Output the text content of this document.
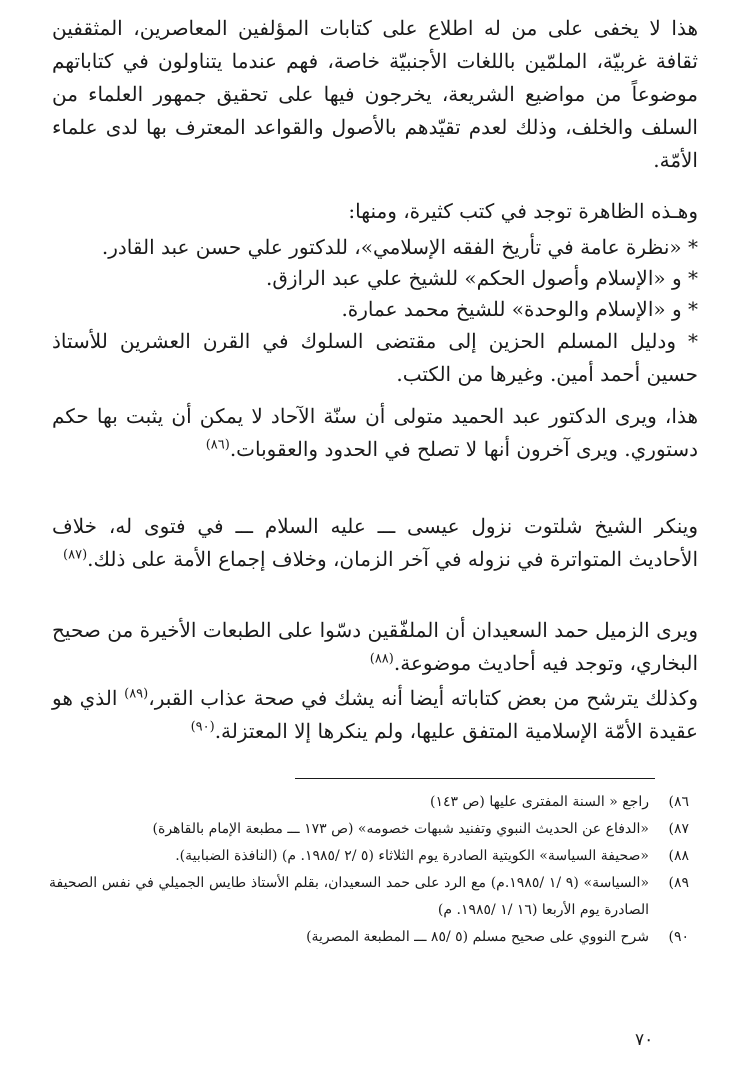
هذا لا يخفى على من له اطلاع على كتابات المؤلفين المعاصرين، المثقفين ثقافة غربيّة، الملمّين باللغات الأجنبيّة خاصة، فهم عندما يتناولون في كتاباتهم موضوعاً من مواضيع الشريعة، يخرجون فيها على تحقيق جمهور العلماء من السلف والخلف، وذلك لعدم تقيّدهم بالأصول والقواعد المعترف بها لدى علماء الأمّة.

وهـذه الظاهرة توجد في كتب كثيرة، ومنها:

* «نظرة عامة في تأريخ الفقه الإسلامي»، للدكتور علي حسن عبد القادر.

* و «الإسلام وأصول الحكم» للشيخ علي عبد الرازق.

* و «الإسلام والوحدة» للشيخ محمد عمارة.

* ودليل المسلم الحزين إلى مقتضى السلوك في القرن العشرين للأستاذ حسين أحمد أمين. وغيرها من الكتب.

هذا، ويرى الدكتور عبد الحميد متولى أن سنّة الآحاد لا يمكن أن يثبت بها حكم دستوري. ويرى آخرون أنها لا تصلح في الحدود والعقوبات.$^{(٨٦)}$

وينكر الشيخ شلتوت نزول عيسى ـــ عليه السلام ـــ في فتوى له، خلاف الأحاديث المتواترة في نزوله في آخر الزمان، وخلاف إجماع الأمة على ذلك.$^{(٨٧)}$

ويرى الزميل حمد السعيدان أن الملفّقين دسّوا على الطبعات الأخيرة من صحيح البخاري، وتوجد فيه أحاديث موضوعة.$^{(٨٨)}$

وكذلك يترشح من بعض كتاباته أيضا أنه يشك في صحة عذاب القبر،$^{(٨٩)}$ الذي هو عقيدة الأمّة الإسلامية المتفق عليها، ولم ينكرها إلا المعتزلة.$^{(٩٠)}$

٨٦)
راجع « السنة المفترى عليها (ص ١٤٣)
٨٧)
«الدفاع عن الحديث النبوي وتفنيد شبهات خصومه» (ص ١٧٣ ـــ مطبعة الإمام بالقاهرة)
٨٨)
«صحيفة السياسة» الكويتية الصادرة يوم الثلاثاء (٥ /٢ /١٩٨٥. م) (النافذة الضبابية).
٨٩)
«السياسة» (٩ /١ /١٩٨٥.م) مع الرد على حمد السعيدان، بقلم الأستاذ طايس الجميلي في نفس الصحيفة الصادرة يوم الأربعا (١٦ /١ /١٩٨٥. م)
٩٠)
شرح النووي على صحيح مسلم (٥ /٨٥ ـــ المطبعة المصرية)
٧٠
